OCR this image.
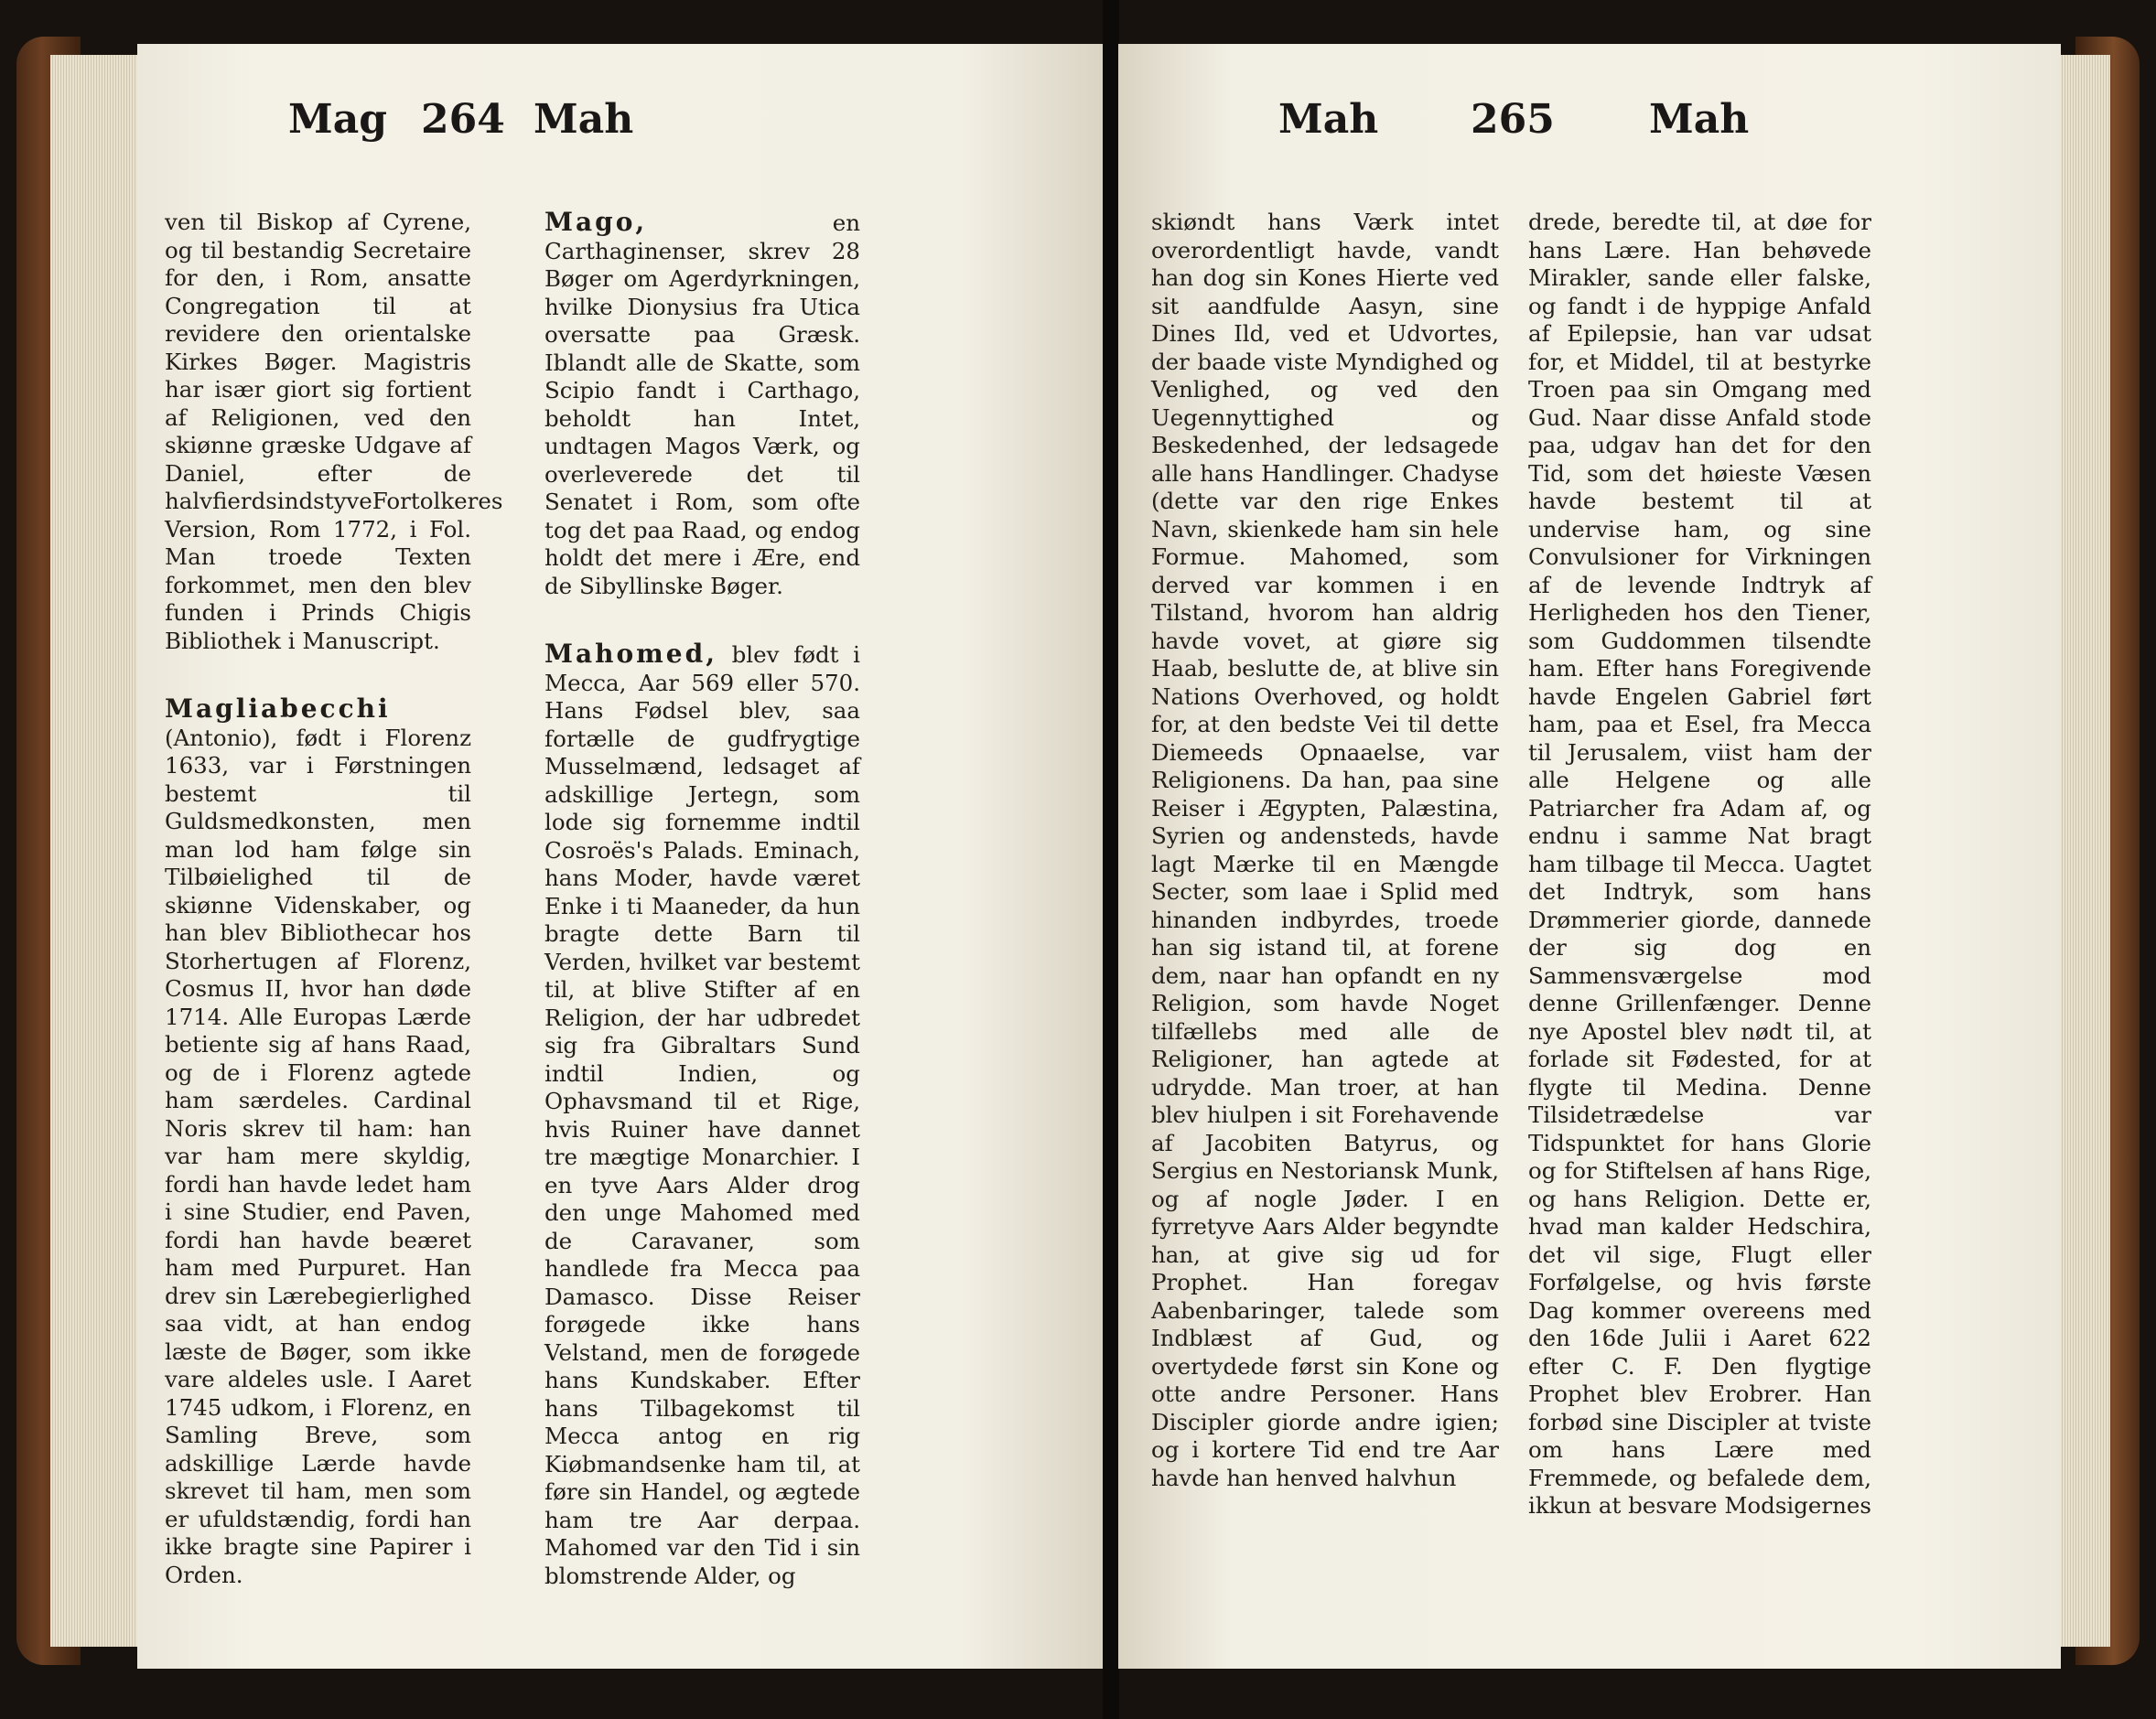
Mag 264 Mah

ven til Biskop af Cyrene, og til bestandig Secretaire for den, i Rom, ansatte Congregation til at revidere den orientalske Kirkes Bøger. Magistris har især giort sig fortient af Religionen, ved den skiønne græske Udgave af Daniel, efter de halvfierdsindstyveFortolkeres Version, Rom 1772, i Fol. Man troede Texten forkommet, men den blev funden i Prinds Chigis Bibliothek i Manuscript.

Magliabecchi (Antonio), født i Florenz 1633, var i Førstningen bestemt til Guldsmedkonsten, men man lod ham følge sin Tilbøielighed til de skiønne Videnskaber, og han blev Bibliothecar hos Storhertugen af Florenz, Cosmus II, hvor han døde 1714. Alle Europas Lærde betiente sig af hans Raad, og de i Florenz agtede ham særdeles. Cardinal Noris skrev til ham: han var ham mere skyldig, fordi han havde ledet ham i sine Studier, end Paven, fordi han havde beæret ham med Purpuret. Han drev sin Lærebegierlighed saa vidt, at han endog læste de Bøger, som ikke vare aldeles usle. I Aaret 1745 udkom, i Florenz, en Samling Breve, som adskillige Lærde havde skrevet til ham, men som er ufuldstændig, fordi han ikke bragte sine Papirer i Orden.

Mago,	en Carthaginenser, skrev 28 Bøger om Agerdyrkningen, hvilke Dionysius fra Utica oversatte paa Græsk. Iblandt alle de Skatte, som Scipio fandt i Carthago, beholdt han Intet, undtagen Magos Værk, og overleverede det til Senatet i Rom, som ofte tog det paa Raad, og endog holdt det mere i Ære, end de Sibyllinske Bøger.

Mahomed, blev født i Mecca, Aar 569 eller 570. Hans Fødsel blev, saa fortælle de gudfrygtige Musselmænd, ledsaget af adskillige Jertegn, som lode sig fornemme indtil Cosroës's Palads. Eminach, hans Moder, havde været Enke i ti Maaneder, da hun bragte dette Barn til Verden, hvilket var bestemt til, at blive Stifter af en Religion, der har udbredet sig fra Gibraltars Sund indtil Indien, og Ophavsmand til et Rige, hvis Ruiner have dannet tre mægtige Monarchier. I en tyve Aars Alder drog den unge Mahomed med de Caravaner, som handlede fra Mecca paa Damasco. Disse Reiser forøgede ikke hans Velstand, men de forøgede hans Kundskaber. Efter hans Tilbagekomst til Mecca antog en rig Kiøbmandsenke ham til, at føre sin Handel, og ægtede ham tre Aar derpaa. Mahomed var den Tid i sin blomstrende Alder, og

Mah 265 Mah

skiøndt hans Værk intet overordentligt havde, vandt han dog sin Kones Hierte ved sit aandfulde Aasyn, sine Dines Ild, ved et Udvortes, der baade viste Myndighed og Venlighed, og ved den Uegennyttighed og Beskedenhed, der ledsagede alle hans Handlinger. Chadyse (dette var den rige Enkes Navn, skienkede ham sin hele Formue. Mahomed, som derved var kommen i en Tilstand, hvorom han aldrig havde vovet, at giøre sig Haab, beslutte de, at blive sin Nations Overhoved, og holdt for, at den bedste Vei til dette Diemeeds Opnaaelse, var Religionens. Da han, paa sine Reiser i Ægypten, Palæstina, Syrien og andensteds, havde lagt Mærke til en Mængde Secter, som laae i Splid med hinanden indbyrdes, troede han sig istand til, at forene dem, naar han opfandt en ny Religion, som havde Noget tilfællebs med alle de Religioner, han agtede at udrydde. Man troer, at han blev hiulpen i sit Forehavende af Jacobiten Batyrus, og Sergius en Nestoriansk Munk, og af nogle Jøder. I en fyrretyve Aars Alder begyndte han, at give sig ud for Prophet. Han foregav Aabenbaringer, talede som Indblæst af Gud, og overtydede først sin Kone og otte andre Personer. Hans Discipler giorde andre igien; og i kortere Tid end tre Aar havde han henved halvhun

drede, beredte til, at døe for hans Lære. Han behøvede Mirakler, sande eller falske, og fandt i de hyppige Anfald af Epilepsie, han var udsat for, et Middel, til at bestyrke Troen paa sin Omgang med Gud. Naar disse Anfald stode paa, udgav han det for den Tid, som det høieste Væsen havde bestemt til at undervise ham, og sine Convulsioner for Virkningen af de levende Indtryk af Herligheden hos den Tiener, som Guddommen tilsendte ham. Efter hans Foregivende havde Engelen Gabriel ført ham, paa et Esel, fra Mecca til Jerusalem, viist ham der alle Helgene og alle Patriarcher fra Adam af, og endnu i samme Nat bragt ham tilbage til Mecca. Uagtet det Indtryk, som hans Drømmerier giorde, dannede der sig dog en Sammensværgelse mod denne Grillenfænger. Denne nye Apostel blev nødt til, at forlade sit Fødested, for at flygte til Medina. Denne Tilsidetrædelse var Tidspunktet for hans Glorie og for Stiftelsen af hans Rige, og hans Religion. Dette er, hvad man kalder Hedschira, det vil sige, Flugt eller Forfølgelse, og hvis første Dag kommer overeens med den 16de Julii i Aaret 622 efter C. F. Den flygtige Prophet blev Erobrer. Han forbød sine Discipler at tviste om hans Lære med Fremmede, og befalede dem, ikkun at besvare Modsigernes
